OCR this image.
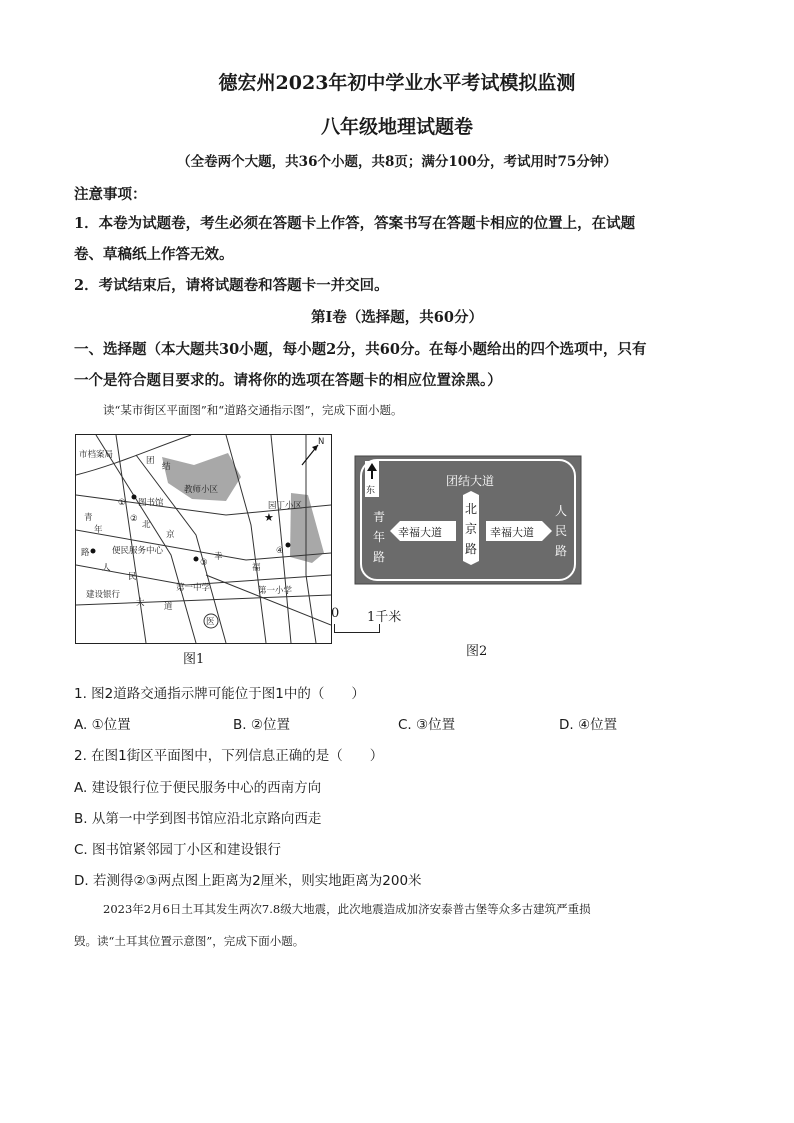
德宏州2023年初中学业水平考试模拟监测
八年级地理试题卷
（全卷两个大题，共36个小题，共8页；满分100分，考试用时75分钟）
注意事项：
1．本卷为试题卷，考生必须在答题卡上作答，答案书写在答题卡相应的位置上，在试题
卷、草稿纸上作答无效。
2．考试结束后，请将试题卷和答题卡一并交回。
第Ⅰ卷（选择题，共60分）
一、选择题（本大题共30小题，每小题2分，共60分。在每小题给出的四个选项中，只有
一个是符合题目要求的。请将你的选项在答题卡的相应位置涂黑。）
读“某市街区平面图”和“道路交通指示图”，完成下面小题。
市档案局
教师小区
园丁小区
图书馆
便民服务中心
建设银行
第一中学	第一小学
医
青
年
路
北
京
人
民
团
结
大 道
幸
福
①
②
③
④
★
N
图1
0 1千米
东
团结大道
北京路
幸福大道	幸福大道
青年路
人民路
图2
1. 图2道路交通指示牌可能位于图1中的（　　）
A. ①位置	B. ②位置	C. ③位置	D. ④位置
2. 在图1街区平面图中，下列信息正确的是（　　）
A. 建设银行位于便民服务中心的西南方向
B. 从第一中学到图书馆应沿北京路向西走
C. 图书馆紧邻园丁小区和建设银行
D. 若测得②③两点图上距离为2厘米，则实地距离为200米
2023年2月6日土耳其发生两次7.8级大地震，此次地震造成加济安泰普古堡等众多古建筑严重损
毁。读“土耳其位置示意图”，完成下面小题。
